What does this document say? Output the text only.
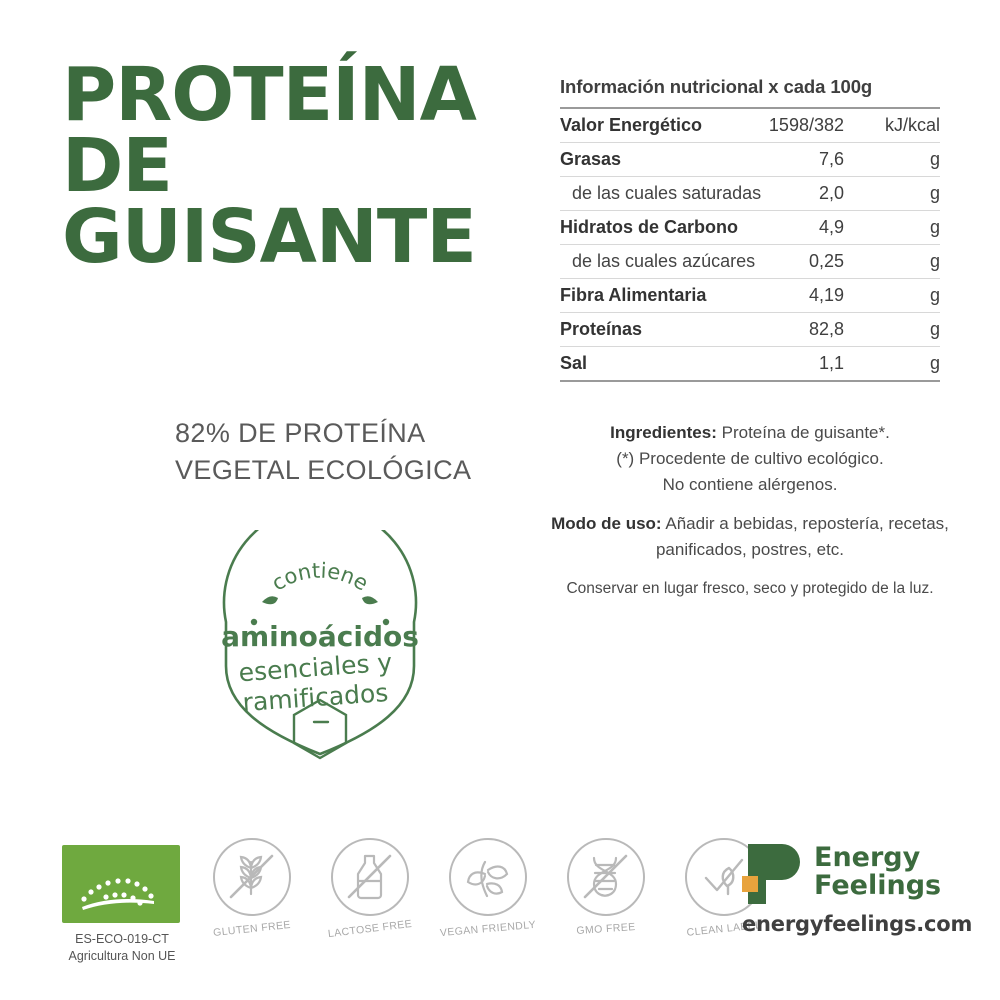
PROTEÍNA DE
GUISANTE
82% DE PROTEÍNA VEGETAL ECOLÓGICA
contiene
aminoácidos
esenciales y
ramificados
Información nutricional x cada 100g
Valor Energético	1598/382	kJ/kcal
Grasas	7,6	g
de las cuales saturadas	2,0	g
Hidratos de Carbono	4,9	g
de las cuales azúcares	0,25	g
Fibra Alimentaria	4,19	g
Proteínas	82,8	g
Sal	1,1	g

Ingredientes: Proteína de guisante*.

(*) Procedente de cultivo ecológico.

No contiene alérgenos.

Modo de uso: Añadir a bebidas, repostería, recetas, panificados, postres, etc.

Conservar en lugar fresco, seco y protegido de la luz.

ES-ECO-019-CT
Agricultura Non UE
GLUTEN FREE	LACTOSE FREE	VEGAN FRIENDLY	GMO FREE	CLEAN LABEL
Energy
Feelings
energyfeelings.com
